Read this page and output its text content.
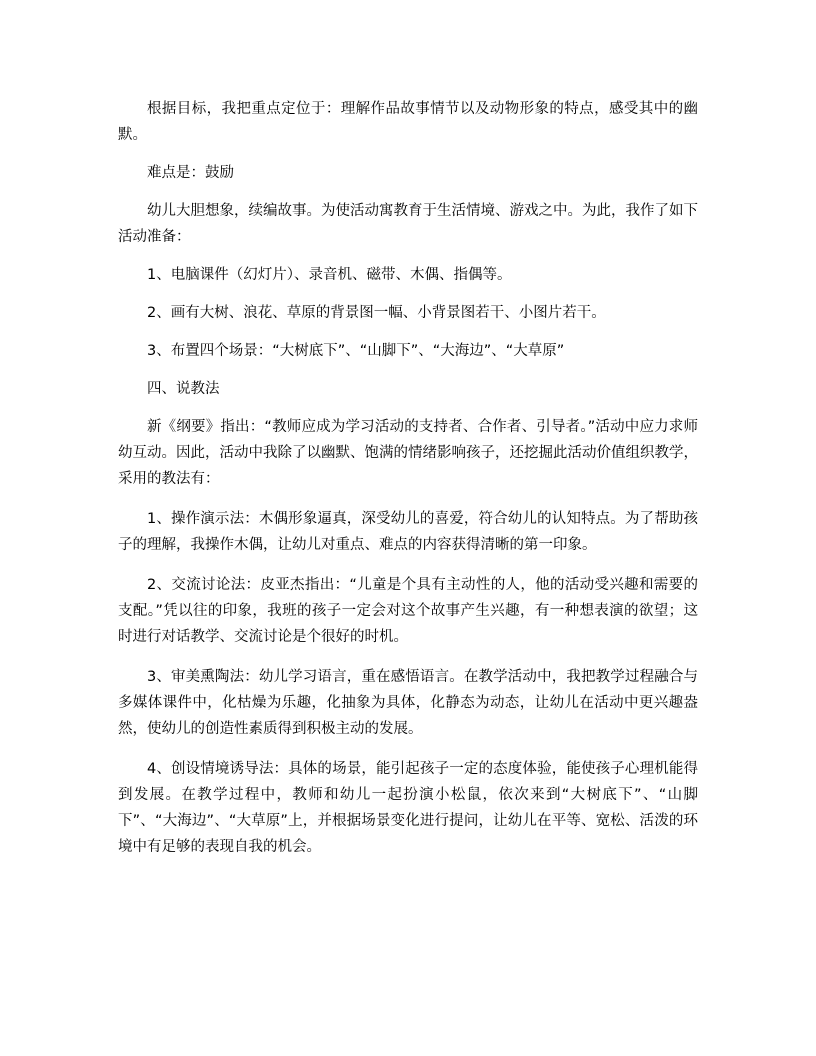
根据目标，我把重点定位于：理解作品故事情节以及动物形象的特点，感受其中的幽默。

难点是：鼓励

幼儿大胆想象，续编故事。为使活动寓教育于生活情境、游戏之中。为此，我作了如下活动准备：

1、电脑课件（幻灯片）、录音机、磁带、木偶、指偶等。

2、画有大树、浪花、草原的背景图一幅、小背景图若干、小图片若干。

3、布置四个场景：“大树底下”、“山脚下”、“大海边”、“大草原”

四、说教法

新《纲要》指出：“教师应成为学习活动的支持者、合作者、引导者。”活动中应力求师幼互动。因此，活动中我除了以幽默、饱满的情绪影响孩子，还挖掘此活动价值组织教学，采用的教法有：

1、操作演示法：木偶形象逼真，深受幼儿的喜爱，符合幼儿的认知特点。为了帮助孩子的理解，我操作木偶，让幼儿对重点、难点的内容获得清晰的第一印象。

2、交流讨论法：皮亚杰指出：“儿童是个具有主动性的人，他的活动受兴趣和需要的支配。”凭以往的印象，我班的孩子一定会对这个故事产生兴趣，有一种想表演的欲望；这时进行对话教学、交流讨论是个很好的时机。

3、审美熏陶法：幼儿学习语言，重在感悟语言。在教学活动中，我把教学过程融合与多媒体课件中，化枯燥为乐趣，化抽象为具体，化静态为动态，让幼儿在活动中更兴趣盎然，使幼儿的创造性素质得到积极主动的发展。

4、创设情境诱导法：具体的场景，能引起孩子一定的态度体验，能使孩子心理机能得到发展。在教学过程中，教师和幼儿一起扮演小松鼠，依次来到“大树底下”、“山脚下”、“大海边”、“大草原”上，并根据场景变化进行提问，让幼儿在平等、宽松、活泼的环境中有足够的表现自我的机会。
